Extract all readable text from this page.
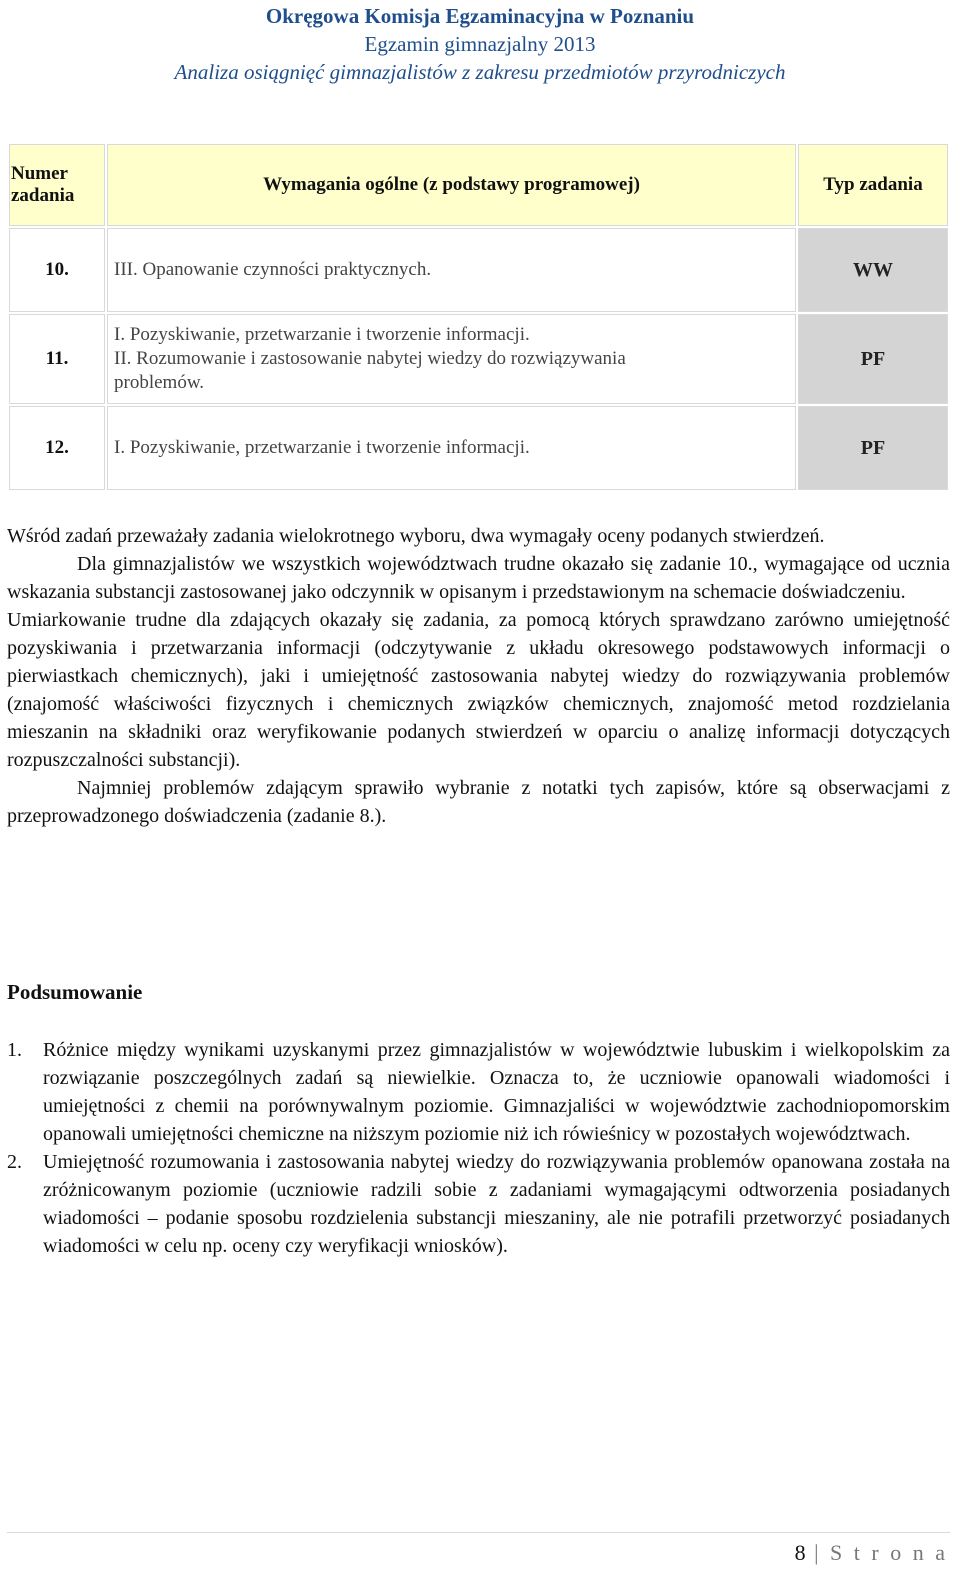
Okręgowa Komisja Egzaminacyjna w Poznaniu
Egzamin gimnazjalny 2013
Analiza osiągnięć gimnazjalistów z zakresu przedmiotów przyrodniczych
Numer zadania	Wymagania ogólne (z podstawy programowej)	Typ zadania
10.	III. Opanowanie czynności praktycznych.	WW
11.	I. Pozyskiwanie, przetwarzanie i tworzenie informacji.
II. Rozumowanie i zastosowanie nabytej wiedzy do rozwiązywania
problemów.	PF
12.	I. Pozyskiwanie, przetwarzanie i tworzenie informacji.	PF

Wśród zadań przeważały zadania wielokrotnego wyboru, dwa wymagały oceny podanych stwierdzeń.

Dla gimnazjalistów we wszystkich województwach trudne okazało się zadanie 10., wymagające od ucznia wskazania substancji zastosowanej jako odczynnik w opisanym i przedstawionym na schemacie doświadczeniu.

Umiarkowanie trudne dla zdających okazały się zadania, za pomocą których sprawdzano zarówno umiejętność pozyskiwania i przetwarzania informacji (odczytywanie z układu okresowego podstawowych informacji o pierwiastkach chemicznych), jaki i umiejętność zastosowania nabytej wiedzy do rozwiązywania problemów (znajomość właściwości fizycznych i chemicznych związków chemicznych, znajomość metod rozdzielania mieszanin na składniki oraz weryfikowanie podanych stwierdzeń w oparciu o analizę informacji dotyczących rozpuszczalności substancji).

Najmniej problemów zdającym sprawiło wybranie z notatki tych zapisów, które są obserwacjami z przeprowadzonego doświadczenia (zadanie 8.).

Podsumowanie
1. Różnice między wynikami uzyskanymi przez gimnazjalistów w województwie lubuskim i wielkopolskim za rozwiązanie poszczególnych zadań są niewielkie. Oznacza to, że uczniowie opanowali wiadomości i umiejętności z chemii na porównywalnym poziomie. Gimnazjaliści w województwie zachodniopomorskim opanowali umiejętności chemiczne na niższym poziomie niż ich rówieśnicy w pozostałych województwach.
2. Umiejętność rozumowania i zastosowania nabytej wiedzy do rozwiązywania problemów opanowana została na zróżnicowanym poziomie (uczniowie radzili sobie z zadaniami wymagającymi odtworzenia posiadanych wiadomości – podanie sposobu rozdzielenia substancji mieszaniny, ale nie potrafili przetworzyć posiadanych wiadomości w celu np. oceny czy weryfikacji wniosków).
8 | S t r o n a
